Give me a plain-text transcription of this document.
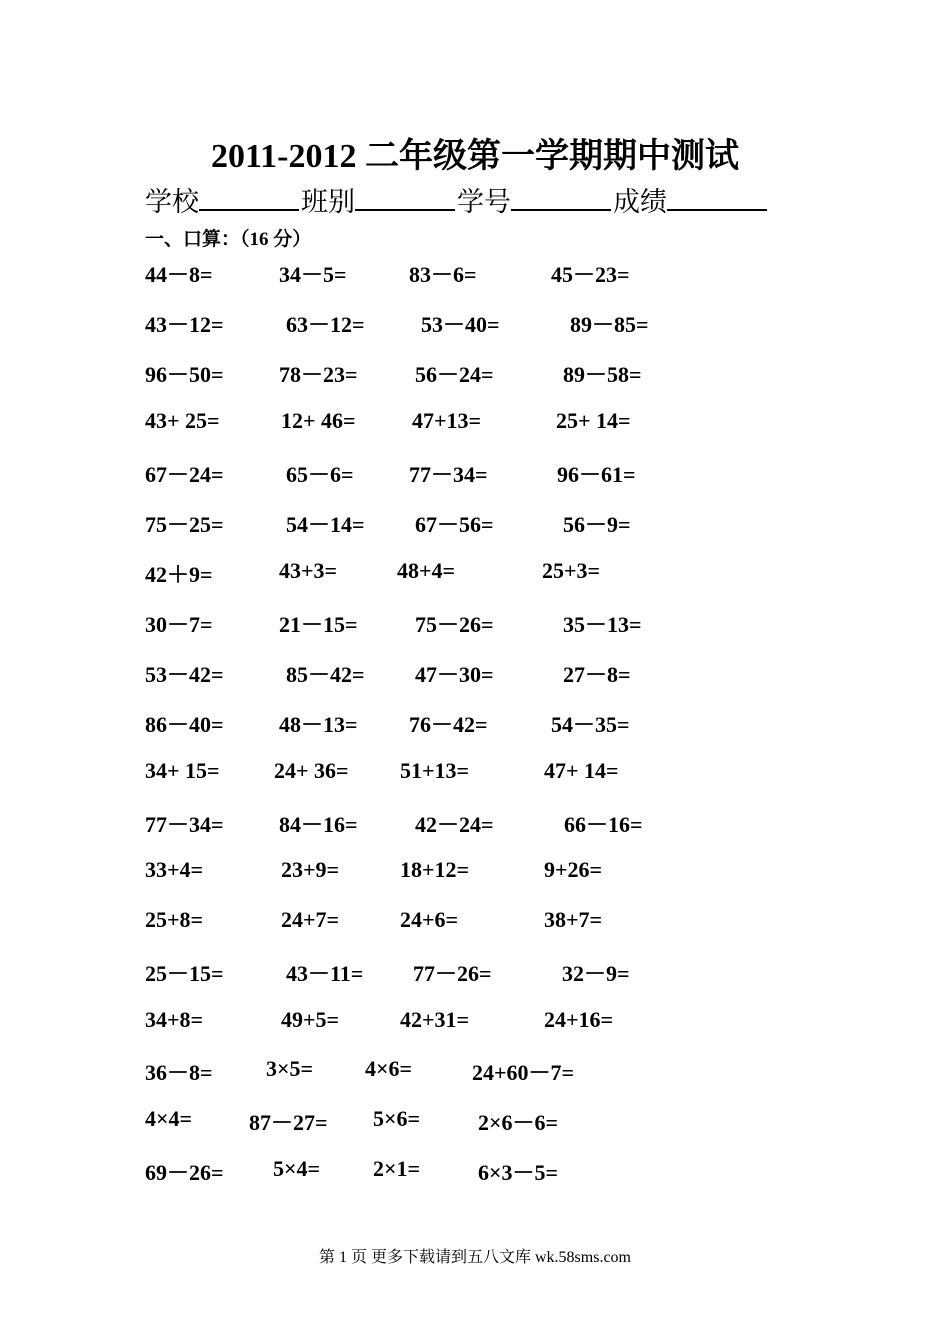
2011-2012 二年级第一学期期中测试
学校	班别	学号	成绩
一、口算：（16 分）
44－8=	34－5=	83－6=	45－23=
43－12=	63－12=	53－40=	89－85=
96－50=	78－23=	56－24=	89－58=
43+ 25=	12+ 46=	47+13=	25+ 14=
67－24=	65－6=	77－34=	96－61=
75－25=	54－14= 67－56=	56－9=
42＋9=	43+3=	48+4=	25+3=
30－7=	21－15=	75－26=	35－13=
53－42=	85－42= 47－30=	27－8=
86－40=	48－13= 76－42=	54－35=
34+ 15= 24+ 36= 51+13=	47+ 14=
77－34=	84－16=	42－24=	66－16=
33+4=	23+9=	18+12=	9+26=
25+8=	24+7=	24+6=	38+7=
25－15=	43－11= 77－26=	32－9=
34+8=	49+5=	42+31=	24+16=
36－8= 3×5= 4×6=	24+60－7=
4×4=	87－27= 5×6=	2×6－6=
69－26= 5×4= 2×1=	6×3－5=
第 1 页 更多下载请到五八文库 wk.58sms.com
